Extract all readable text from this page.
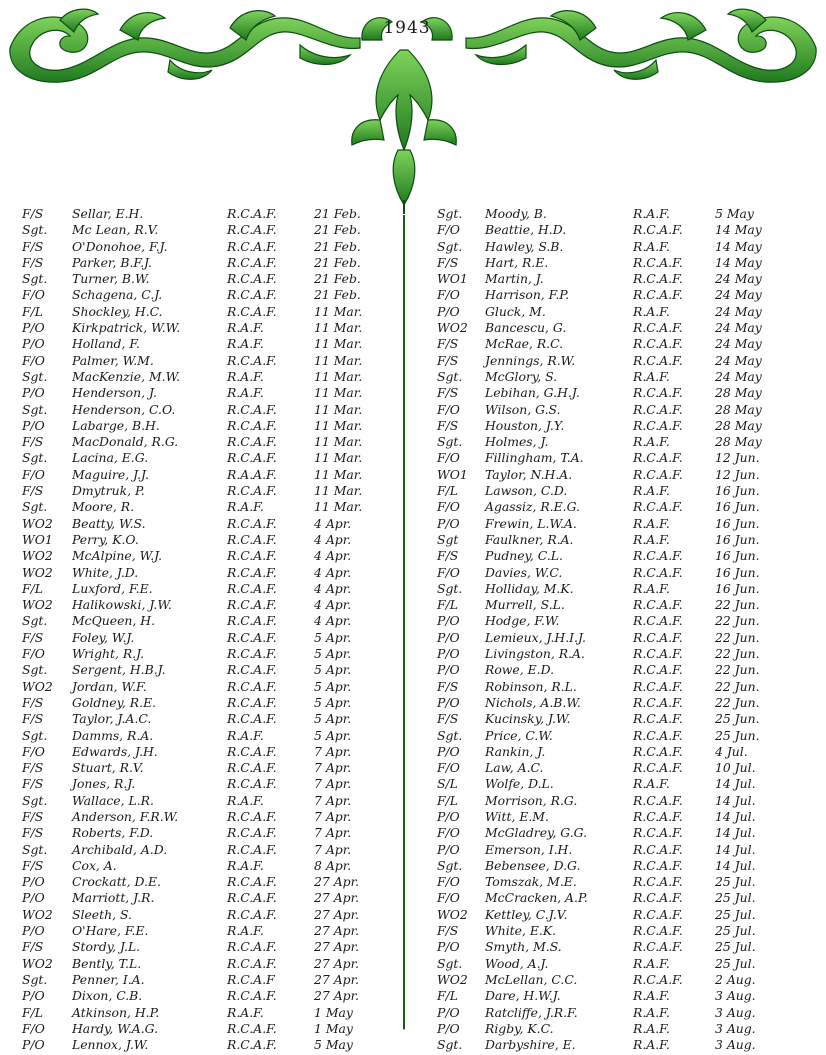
1943
F/S Sellar, E.H.	R.C.A.F.	21 Feb.
Sgt. Mc Lean, R.V.	R.C.A.F.	21 Feb.
F/S O'Donohoe, F.J.	R.C.A.F.	21 Feb.
F/S Parker, B.F.J.	R.C.A.F.	21 Feb.
Sgt. Turner, B.W.	R.C.A.F.	21 Feb.
F/O Schagena, C.J.	R.C.A.F.	21 Feb.
F/L Shockley, H.C.	R.C.A.F.	11 Mar.
P/O Kirkpatrick, W.W.	R.A.F.	11 Mar.
P/O Holland, F.	R.A.F.	11 Mar.
F/O Palmer, W.M.	R.C.A.F.	11 Mar.
Sgt. MacKenzie, M.W.	R.A.F.	11 Mar.
P/O Henderson, J.	R.A.F.	11 Mar.
Sgt. Henderson, C.O.	R.C.A.F.	11 Mar.
P/O Labarge, B.H.	R.C.A.F.	11 Mar.
F/S MacDonald, R.G.	R.C.A.F.	11 Mar.
Sgt. Lacina, E.G.	R.C.A.F.	11 Mar.
F/O Maguire, J.J.	R.A.A.F.	11 Mar.
F/S Dmytruk, P.	R.C.A.F.	11 Mar.
Sgt. Moore, R.	R.A.F.	11 Mar.
WO2 Beatty, W.S.	R.C.A.F.	4 Apr.
WO1 Perry, K.O.	R.C.A.F.	4 Apr.
WO2 McAlpine, W.J.	R.C.A.F.	4 Apr.
WO2 White, J.D.	R.C.A.F.	4 Apr.
F/L Luxford, F.E.	R.C.A.F.	4 Apr.
WO2 Halikowski, J.W.	R.C.A.F.	4 Apr.
Sgt. McQueen, H.	R.C.A.F.	4 Apr.
F/S Foley, W.J.	R.C.A.F.	5 Apr.
F/O Wright, R.J.	R.C.A.F.	5 Apr.
Sgt. Sergent, H.B.J.	R.C.A.F.	5 Apr.
WO2 Jordan, W.F.	R.C.A.F.	5 Apr.
F/S Goldney, R.E.	R.C.A.F.	5 Apr.
F/S Taylor, J.A.C.	R.C.A.F.	5 Apr.
Sgt. Damms, R.A.	R.A.F.	5 Apr.
F/O Edwards, J.H.	R.C.A.F.	7 Apr.
F/S Stuart, R.V.	R.C.A.F.	7 Apr.
F/S Jones, R.J.	R.C.A.F.	7 Apr.
Sgt. Wallace, L.R.	R.A.F.	7 Apr.
F/S Anderson, F.R.W.	R.C.A.F.	7 Apr.
F/S Roberts, F.D.	R.C.A.F.	7 Apr.
Sgt. Archibald, A.D.	R.C.A.F.	7 Apr.
F/S Cox, A.	R.A.F.	8 Apr.
P/O Crockatt, D.E.	R.C.A.F.	27 Apr.
P/O Marriott, J.R.	R.C.A.F.	27 Apr.
WO2 Sleeth, S.	R.C.A.F.	27 Apr.
P/O O'Hare, F.E.	R.A.F.	27 Apr.
F/S Stordy, J.L.	R.C.A.F.	27 Apr.
WO2 Bently, T.L.	R.C.A.F.	27 Apr.
Sgt. Penner, I.A.	R.C.A.F	27 Apr.
P/O Dixon, C.B.	R.C.A.F.	27 Apr.
F/L Atkinson, H.P.	R.A.F.	1 May
F/O Hardy, W.A.G.	R.C.A.F.	1 May
P/O Lennox, J.W.	R.C.A.F.	5 May
Sgt. Moody, B.	R.A.F.	5 May
F/O Beattie, H.D.	R.C.A.F.	14 May
Sgt. Hawley, S.B.	R.A.F.	14 May
F/S Hart, R.E.	R.C.A.F.	14 May
WO1 Martin, J.	R.C.A.F.	24 May
F/O Harrison, F.P.	R.C.A.F.	24 May
P/O Gluck, M.	R.A.F.	24 May
WO2 Bancescu, G.	R.C.A.F.	24 May
F/S McRae, R.C.	R.C.A.F.	24 May
F/S Jennings, R.W.	R.C.A.F.	24 May
Sgt. McGlory, S.	R.A.F.	24 May
F/S Lebihan, G.H.J.	R.C.A.F.	28 May
F/O Wilson, G.S.	R.C.A.F.	28 May
F/S Houston, J.Y.	R.C.A.F.	28 May
Sgt. Holmes, J.	R.A.F.	28 May
F/O Fillingham, T.A.	R.C.A.F.	12 Jun.
WO1 Taylor, N.H.A.	R.C.A.F.	12 Jun.
F/L Lawson, C.D.	R.A.F.	16 Jun.
F/O Agassiz, R.E.G.	R.C.A.F.	16 Jun.
P/O Frewin, L.W.A.	R.A.F.	16 Jun.
Sgt Faulkner, R.A.	R.A.F.	16 Jun.
F/S Pudney, C.L.	R.C.A.F.	16 Jun.
F/O Davies, W.C.	R.C.A.F.	16 Jun.
Sgt. Holliday, M.K.	R.A.F.	16 Jun.
F/L Murrell, S.L.	R.C.A.F.	22 Jun.
P/O Hodge, F.W.	R.C.A.F.	22 Jun.
P/O Lemieux, J.H.I.J.	R.C.A.F.	22 Jun.
P/O Livingston, R.A.	R.C.A.F.	22 Jun.
P/O Rowe, E.D.	R.C.A.F.	22 Jun.
F/S Robinson, R.L.	R.C.A.F.	22 Jun.
P/O Nichols, A.B.W.	R.C.A.F.	22 Jun.
F/S Kucinsky, J.W.	R.C.A.F.	25 Jun.
Sgt. Price, C.W.	R.C.A.F.	25 Jun.
P/O Rankin, J.	R.C.A.F.	4 Jul.
F/O Law, A.C.	R.C.A.F.	10 Jul.
S/L Wolfe, D.L.	R.A.F.	14 Jul.
F/L Morrison, R.G.	R.C.A.F.	14 Jul.
P/O Witt, E.M.	R.C.A.F.	14 Jul.
F/O McGladrey, G.G.	R.C.A.F.	14 Jul.
P/O Emerson, I.H.	R.C.A.F.	14 Jul.
Sgt. Bebensee, D.G.	R.C.A.F.	14 Jul.
F/O Tomszak, M.E.	R.C.A.F.	25 Jul.
F/O McCracken, A.P.	R.C.A.F.	25 Jul.
WO2 Kettley, C.J.V.	R.C.A.F.	25 Jul.
F/S White, E.K.	R.C.A.F.	25 Jul.
P/O Smyth, M.S.	R.C.A.F.	25 Jul.
Sgt. Wood, A.J.	R.A.F.	25 Jul.
WO2 McLellan, C.C.	R.C.A.F.	2 Aug.
F/L Dare, H.W.J.	R.A.F.	3 Aug.
P/O Ratcliffe, J.R.F.	R.A.F.	3 Aug.
P/O Rigby, K.C.	R.A.F.	3 Aug.
Sgt. Darbyshire, E.	R.A.F.	3 Aug.
